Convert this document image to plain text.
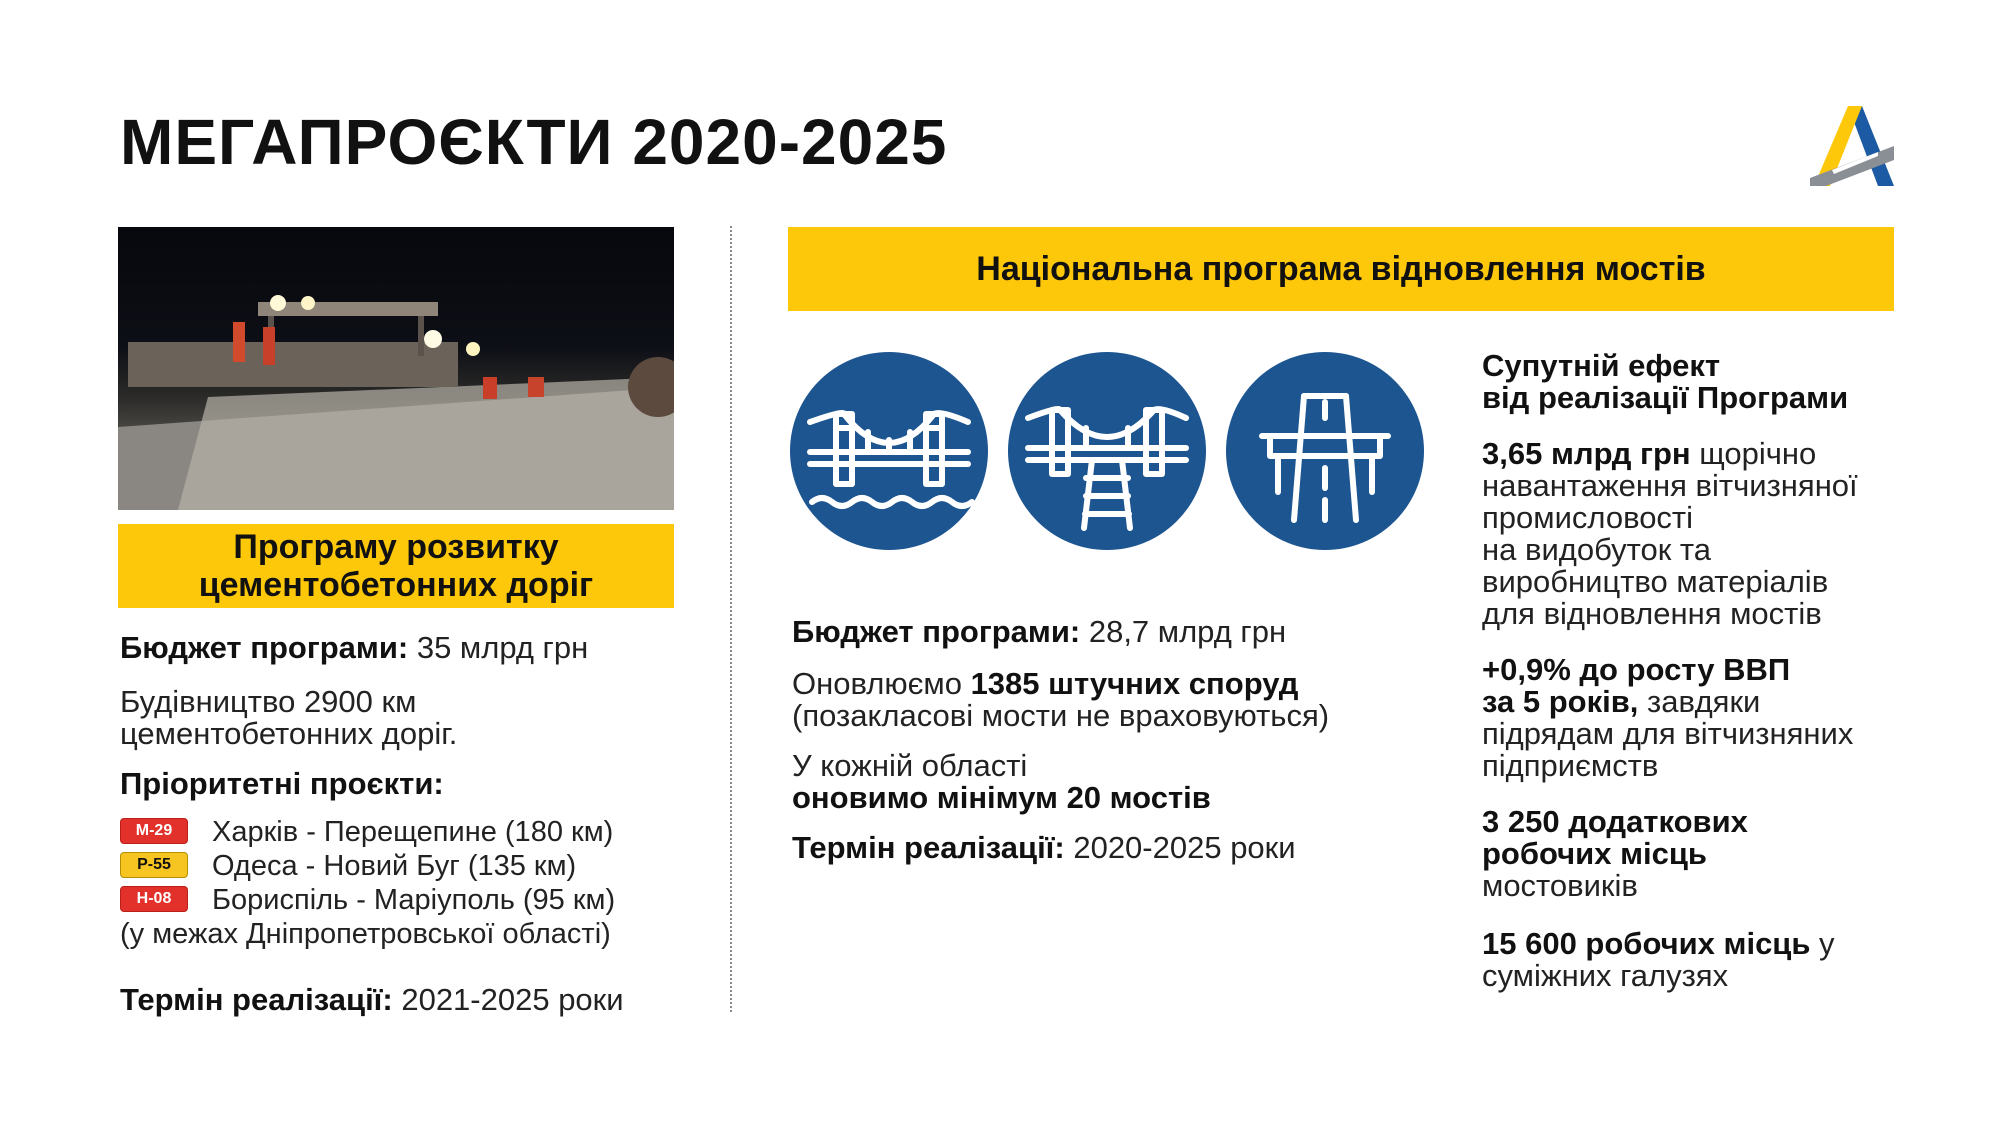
МЕГАПРОЄКТИ 2020-2025
Програму розвитку
цементобетонних доріг
Бюджет програми: 35 млрд грн
Будівництво 2900 км
цементобетонних доріг.
Пріоритетні проєкти:
М-29	Харків - Перещепине (180 км)
Р-55	Одеса - Новий Буг (135 км)
Н-08	Бориспіль - Маріуполь (95 км)
(у межах Дніпропетровської області)
Термін реалізації: 2021-2025 роки
Національна програма відновлення мостів
Бюджет програми: 28,7 млрд грн
Оновлюємо 1385 штучних споруд
(позакласові мости не враховуються)
У кожній області
оновимо мінімум 20 мостів
Термін реалізації: 2020-2025 роки
Супутній ефект
від реалізації Програми
3,65 млрд грн щорічно
навантаження вітчизняної
промисловості
на видобуток та
виробництво матеріалів
для відновлення мостів
+0,9% до росту ВВП
за 5 років, завдяки
підрядам для вітчизняних
підприємств
3 250 додаткових
робочих місць
мостовиків
15 600 робочих місць у
суміжних галузях
